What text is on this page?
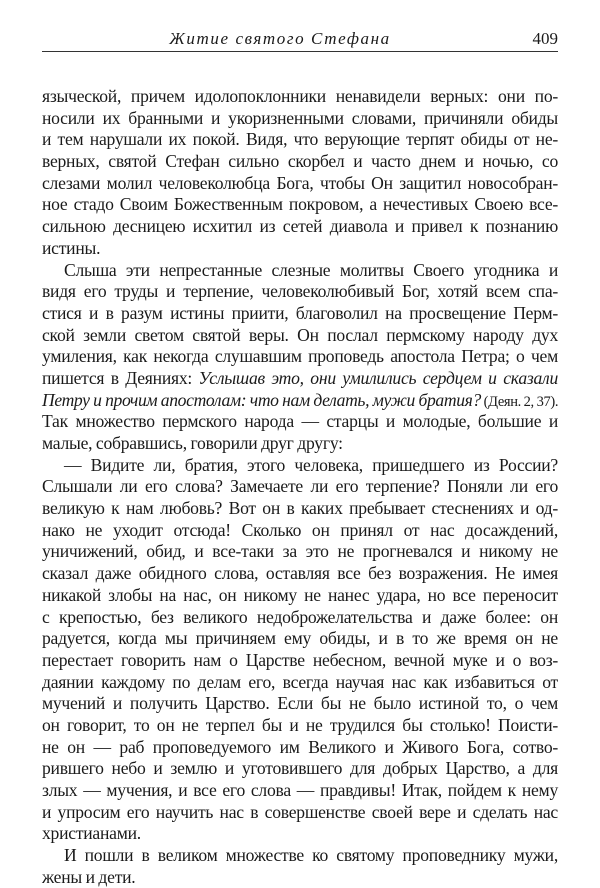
Житие святого Стефана	409
язычеcкой, причем идолопоклонники ненавидели верных: они по-
носили их бранными и укоризненными словами, причиняли обиды
и тем нарушали их покой. Видя, что верующие терпят обиды от не-
верных, святой Стефан сильно скорбел и часто днем и ночью, со
слезами молил человеколюбца Бога, чтобы Он защитил новособран-
ное стадо Своим Божественным покровом, а нечестивых Своею все-
сильною десницею исхитил из сетей диавола и привел к познанию
истины.
Слыша эти непрестанные слезные молитвы Своего угодника и
видя его труды и терпение, человеколюбивый Бог, хотяй всем спа-
стися и в разум истины приити, благоволил на просвещение Перм-
ской земли светом святой веры. Он послал пермскому народу дух
умиления, как некогда слушавшим проповедь апостола Петра; о чем
пишется в Деяниях: Услышав это, они умилились сердцем и сказали
Петру и прочим апостолам: что нам делать, мужи братия? (Деян. 2, 37).
Так множество пермского народа — старцы и молодые, большие и
малые, собравшись, говорили друг другу:
— Видите ли, братия, этого человека, пришедшего из России?
Слышали ли его слова? Замечаете ли его терпение? Поняли ли его
великую к нам любовь? Вот он в каких пребывает стеснениях и од-
нако не уходит отсюда! Сколько он принял от нас досаждений,
уничижений, обид, и все-таки за это не прогневался и никому не
сказал даже обидного слова, оставляя все без возражения. Не имея
никакой злобы на нас, он никому не нанес удара, но все переносит
с крепостью, без великого недоброжелательства и даже более: он
радуется, когда мы причиняем ему обиды, и в то же время он не
перестает говорить нам о Царстве небесном, вечной муке и о воз-
даянии каждому по делам его, всегда научая нас как избавиться от
мучений и получить Царство. Если бы не было истиной то, о чем
он говорит, то он не терпел бы и не трудился бы столько! Поисти-
не он — раб проповедуемого им Великого и Живого Бога, сотво-
рившего небо и землю и уготовившего для добрых Царство, а для
злых — мучения, и все его слова — правдивы! Итак, пойдем к нему
и упросим его научить нас в совершенстве своей вере и сделать нас
христианами.
И пошли в великом множестве ко святому проповеднику мужи,
жены и дети.
